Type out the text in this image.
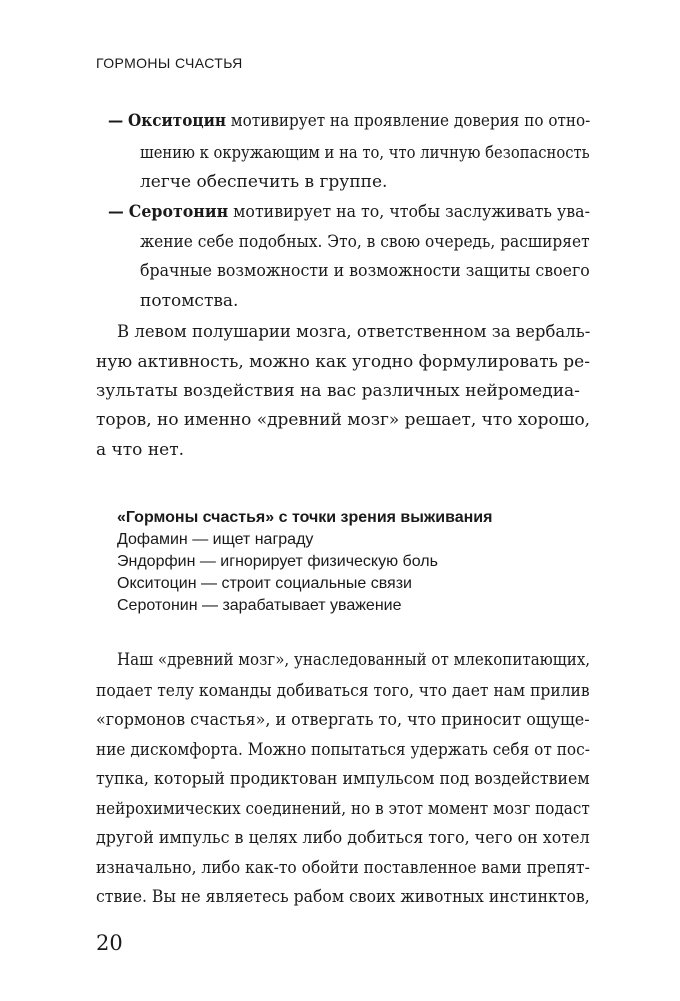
ГОРМОНЫ СЧАСТЬЯ
— Окситоцин мотивирует на проявление доверия по отно-
шению к окружающим и на то, что личную безопасность
легче обеспечить в группе.
— Серотонин мотивирует на то, чтобы заслуживать ува-
жение себе подобных. Это, в свою очередь, расширяет
брачные возможности и возможности защиты своего
потомства.
В левом полушарии мозга, ответственном за вербаль-
ную активность, можно как угодно формулировать ре-
зультаты воздействия на вас различных нейромедиа-
торов, но именно «древний мозг» решает, что хорошо,
а что нет.
«Гормоны счастья» с точки зрения выживания
Дофамин — ищет награду
Эндорфин — игнорирует физическую боль
Окситоцин — строит социальные связи
Серотонин — зарабатывает уважение
Наш «древний мозг», унаследованный от млекопитающих,
подает телу команды добиваться того, что дает нам прилив
«гормонов счастья», и отвергать то, что приносит ощуще-
ние дискомфорта. Можно попытаться удержать себя от пос-
тупка, который продиктован импульсом под воздействием
нейрохимических соединений, но в этот момент мозг подаст
другой импульс в целях либо добиться того, чего он хотел
изначально, либо как-то обойти поставленное вами препят-
ствие. Вы не являетесь рабом своих животных инстинктов,
20
